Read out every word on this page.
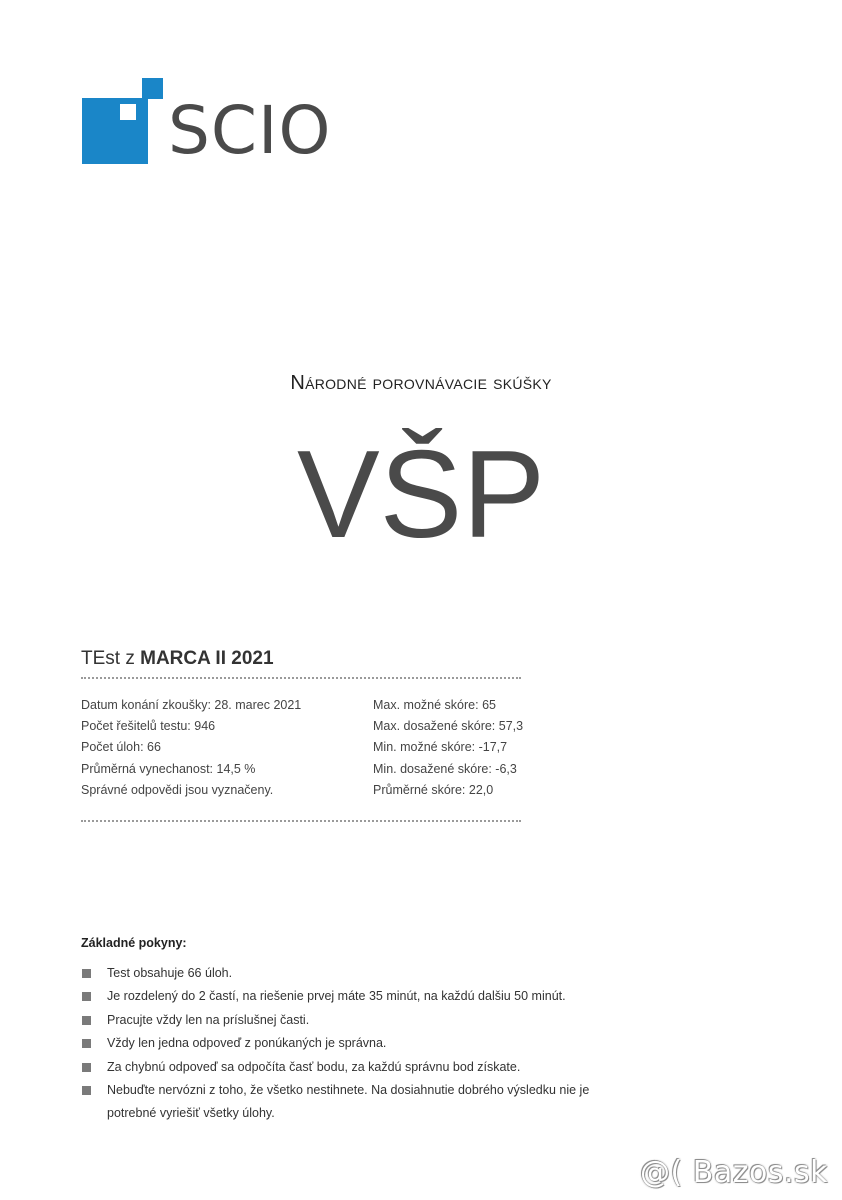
SCIO
Národné porovnávacie skúšky
VŠP
TEst z MARCA II 2021
Datum konání zkoušky: 28. marec 2021
Počet řešitelů testu: 946
Počet úloh: 66
Průměrná vynechanost: 14,5 %
Správné odpovědi jsou vyznačeny.
Max. možné skóre: 65
Max. dosažené skóre: 57,3
Min. možné skóre: -17,7
Min. dosažené skóre: -6,3
Průměrné skóre: 22,0
Základné pokyny:
Test obsahuje 66 úloh.
Je rozdelený do 2 častí, na riešenie prvej máte 35 minút, na každú dalšiu 50 minút.
Pracujte vždy len na príslušnej časti.
Vždy len jedna odpoveď z ponúkaných je správna.
Za chybnú odpoveď sa odpočíta časť bodu, za každú správnu bod získate.
Nebuďte nervózni z toho, že všetko nestihnete. Na dosiahnutie dobrého výsledku nie je potrebné vyriešiť všetky úlohy.
@( Bazos.sk
